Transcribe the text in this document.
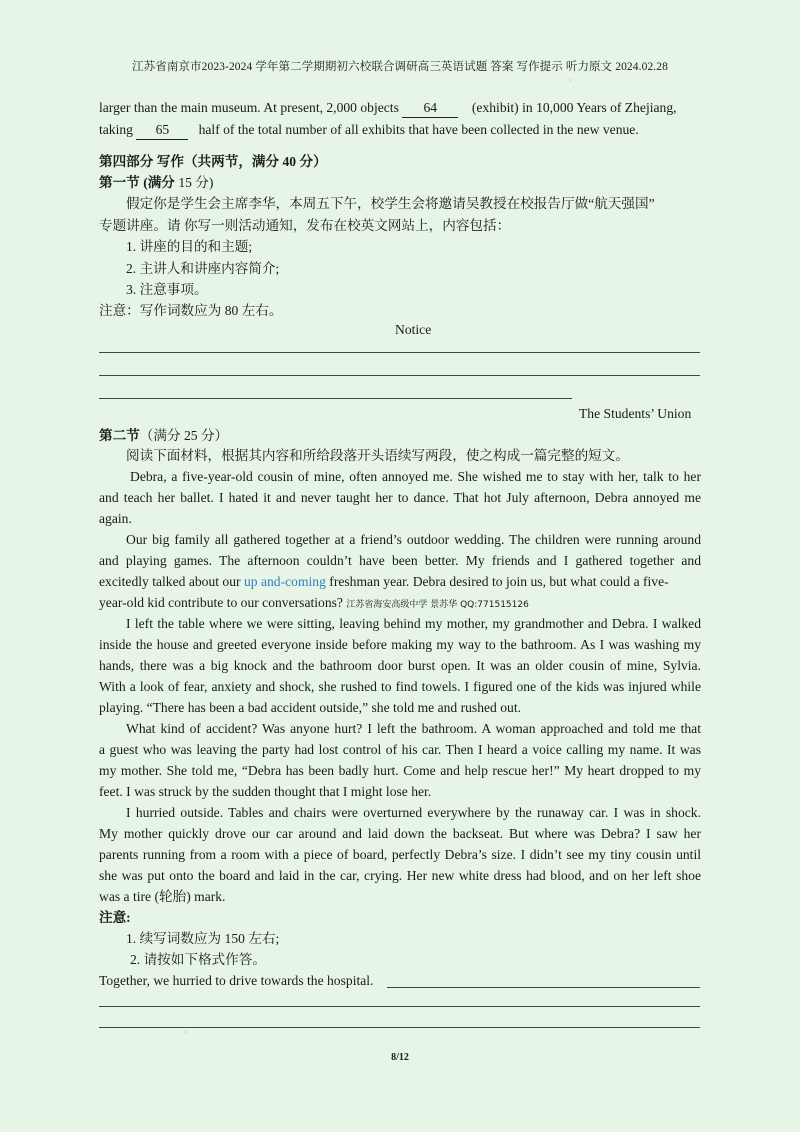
江苏省南京市2023-2024 学年第二学期期初六校联合调研高三英语试题 答案 写作提示 听力原文 2024.02.28
·
larger than the main museum. At present, 2,000 objects 64	(exhibit) in 10,000 Years of Zhejiang,
taking 65 half of the total number of all exhibits that have been collected in the new venue.
第四部分 写作（共两节，满分 40 分）
第一节 (满分 15 分)
假定你是学生会主席李华，本周五下午，校学生会将邀请吴教授在校报告厅做“航天强国”
专题讲座。请 你写一则活动通知，发布在校英文网站上，内容包括：
1. 讲座的目的和主题;
2. 主讲人和讲座内容简介;
3. 注意事项。
注意：写作词数应为 80 左右。
Notice
The Students’ Union
第二节（满分 25 分）
阅读下面材料，根据其内容和所给段落开头语续写两段，使之构成一篇完整的短文。
Debra, a five-year-old cousin of mine, often annoyed me. She wished me to stay with her, talk to her
and teach her ballet. I hated it and never taught her to dance. That hot July afternoon, Debra annoyed me
again.
Our big family all gathered together at a friend’s outdoor wedding. The children were running around
and playing games. The afternoon couldn’t have been better. My friends and I gathered together and
excitedly talked about our up and-coming freshman year. Debra desired to join us, but what could a five-
year-old kid contribute to our conversations? 江苏省海安高级中学 景苏华 QQ:771515126
I left the table where we were sitting, leaving behind my mother, my grandmother and Debra. I walked
inside the house and greeted everyone inside before making my way to the bathroom. As I was washing my
hands, there was a big knock and the bathroom door burst open. It was an older cousin of mine, Sylvia.
With a look of fear, anxiety and shock, she rushed to find towels. I figured one of the kids was injured while
playing. “There has been a bad accident outside,” she told me and rushed out.
What kind of accident? Was anyone hurt? I left the bathroom. A woman approached and told me that
a guest who was leaving the party had lost control of his car. Then I heard a voice calling my name. It was
my mother. She told me, “Debra has been badly hurt. Come and help rescue her!” My heart dropped to my
feet. I was struck by the sudden thought that I might lose her.
I hurried outside. Tables and chairs were overturned everywhere by the runaway car. I was in shock.
My mother quickly drove our car around and laid down the backseat. But where was Debra? I saw her
parents running from a room with a piece of board, perfectly Debra’s size. I didn’t see my tiny cousin until
she was put onto the board and laid in the car, crying. Her new white dress had blood, and on her left shoe
was a tire (轮胎) mark.
注意:
1. 续写词数应为 150 左右;
2. 请按如下格式作答。
Together, we hurried to drive towards the hospital.
·
8/12
